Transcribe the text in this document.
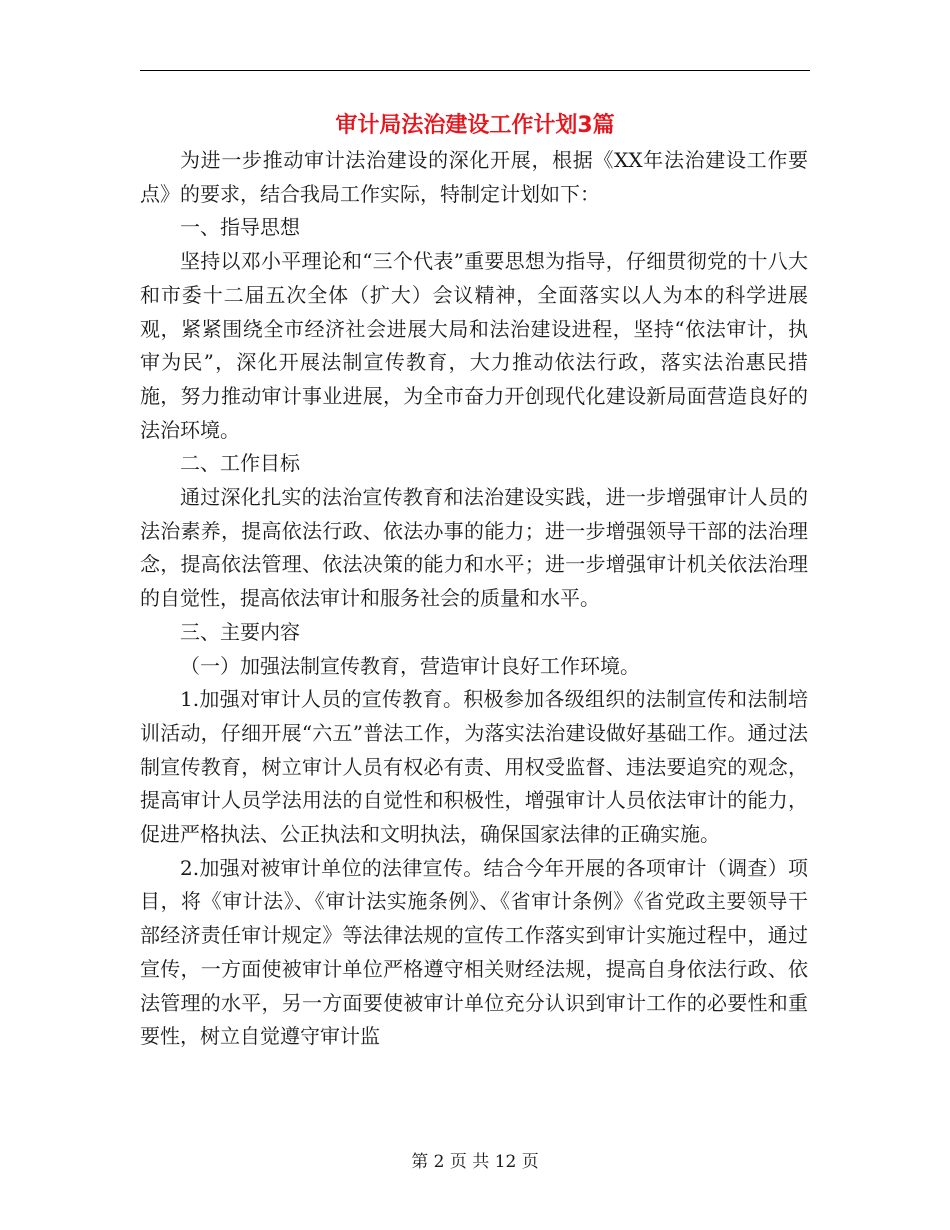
审计局法治建设工作计划3篇

为进一步推动审计法治建设的深化开展，根据《XX年法治建设工作要点》的要求，结合我局工作实际，特制定计划如下：

一、指导思想

坚持以邓小平理论和“三个代表”重要思想为指导，仔细贯彻党的十八大和市委十二届五次全体（扩大）会议精神，全面落实以人为本的科学进展观，紧紧围绕全市经济社会进展大局和法治建设进程，坚持“依法审计，执审为民”，深化开展法制宣传教育，大力推动依法行政，落实法治惠民措施，努力推动审计事业进展，为全市奋力开创现代化建设新局面营造良好的法治环境。

二、工作目标

通过深化扎实的法治宣传教育和法治建设实践，进一步增强审计人员的法治素养，提高依法行政、依法办事的能力；进一步增强领导干部的法治理念，提高依法管理、依法决策的能力和水平；进一步增强审计机关依法治理的自觉性，提高依法审计和服务社会的质量和水平。

三、主要内容

（一）加强法制宣传教育，营造审计良好工作环境。

1.加强对审计人员的宣传教育。积极参加各级组织的法制宣传和法制培训活动，仔细开展“六五”普法工作，为落实法治建设做好基础工作。通过法制宣传教育，树立审计人员有权必有责、用权受监督、违法要追究的观念，提高审计人员学法用法的自觉性和积极性，增强审计人员依法审计的能力，促进严格执法、公正执法和文明执法，确保国家法律的正确实施。

2.加强对被审计单位的法律宣传。结合今年开展的各项审计（调查）项目，将《审计法》、《审计法实施条例》、《省审计条例》《省党政主要领导干部经济责任审计规定》等法律法规的宣传工作落实到审计实施过程中，通过宣传，一方面使被审计单位严格遵守相关财经法规，提高自身依法行政、依法管理的水平，另一方面要使被审计单位充分认识到审计工作的必要性和重要性，树立自觉遵守审计监

第 2 页 共 12 页
